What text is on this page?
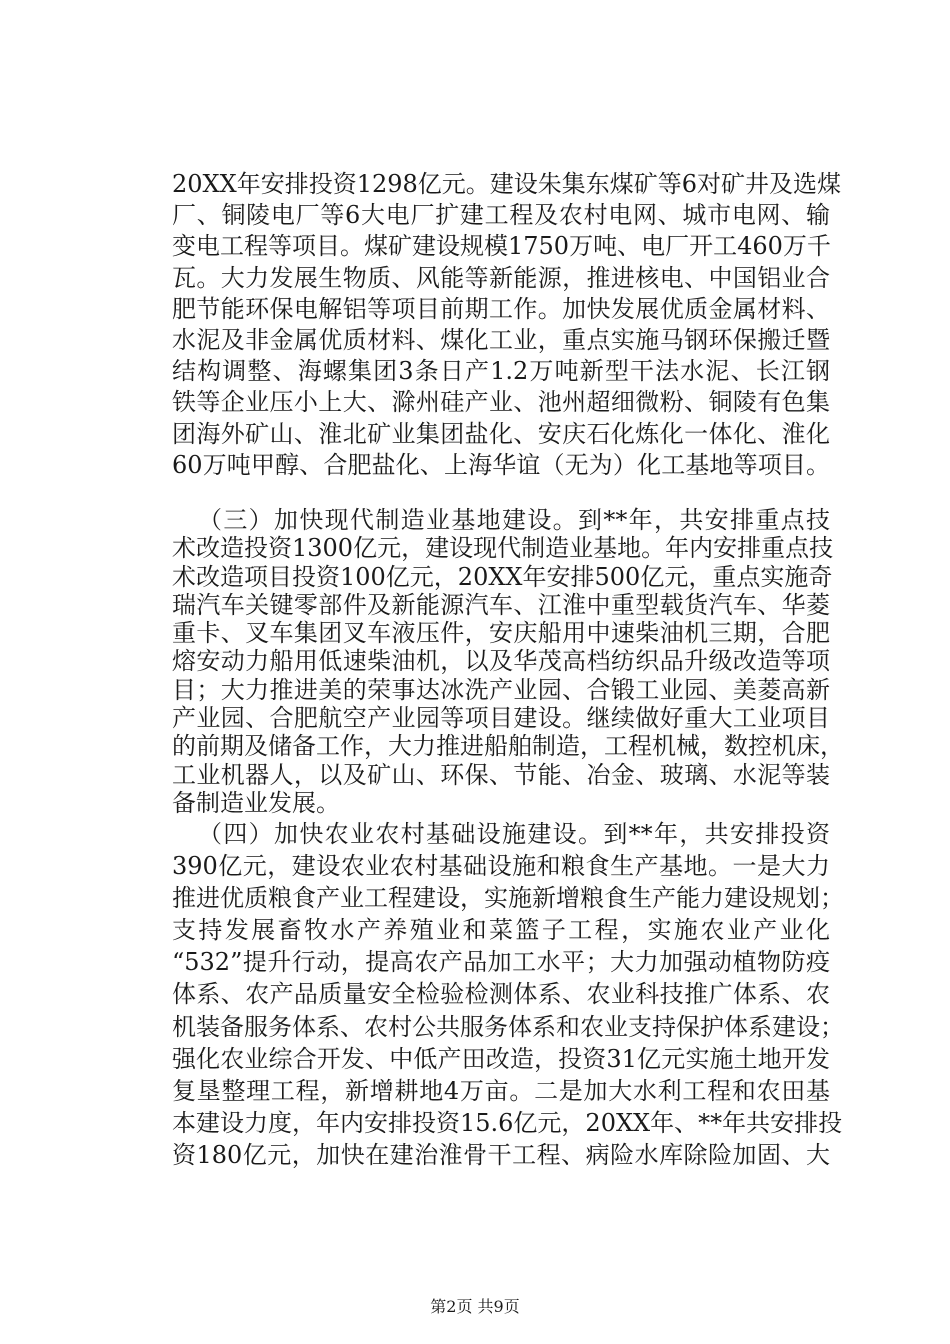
20XX年安排投资1298亿元。建设朱集东煤矿等6对矿井及选煤
厂、铜陵电厂等6大电厂扩建工程及农村电网、城市电网、输
变电工程等项目。煤矿建设规模1750万吨、电厂开工460万千
瓦。大力发展生物质、风能等新能源，推进核电、中国铝业合
肥节能环保电解铝等项目前期工作。加快发展优质金属材料、
水泥及非金属优质材料、煤化工业，重点实施马钢环保搬迁暨
结构调整、海螺集团3条日产1.2万吨新型干法水泥、长江钢
铁等企业压小上大、滁州硅产业、池州超细微粉、铜陵有色集
团海外矿山、淮北矿业集团盐化、安庆石化炼化一体化、淮化
60万吨甲醇、合肥盐化、上海华谊（无为）化工基地等项目。
（三）加快现代制造业基地建设。到**年，共安排重点技
术改造投资1300亿元，建设现代制造业基地。年内安排重点技
术改造项目投资100亿元，20XX年安排500亿元，重点实施奇
瑞汽车关键零部件及新能源汽车、江淮中重型载货汽车、华菱
重卡、叉车集团叉车液压件，安庆船用中速柴油机三期，合肥
熔安动力船用低速柴油机，以及华茂高档纺织品升级改造等项
目；大力推进美的荣事达冰洗产业园、合锻工业园、美菱高新
产业园、合肥航空产业园等项目建设。继续做好重大工业项目
的前期及储备工作，大力推进船舶制造，工程机械，数控机床，
工业机器人，以及矿山、环保、节能、冶金、玻璃、水泥等装
备制造业发展。
（四）加快农业农村基础设施建设。到**年，共安排投资
390亿元，建设农业农村基础设施和粮食生产基地。一是大力
推进优质粮食产业工程建设，实施新增粮食生产能力建设规划；
支持发展畜牧水产养殖业和菜篮子工程，实施农业产业化
“532”提升行动，提高农产品加工水平；大力加强动植物防疫
体系、农产品质量安全检验检测体系、农业科技推广体系、农
机装备服务体系、农村公共服务体系和农业支持保护体系建设；
强化农业综合开发、中低产田改造，投资31亿元实施土地开发
复垦整理工程，新增耕地4万亩。二是加大水利工程和农田基
本建设力度，年内安排投资15.6亿元，20XX年、**年共安排投
资180亿元，加快在建治淮骨干工程、病险水库除险加固、大
第2页 共9页
